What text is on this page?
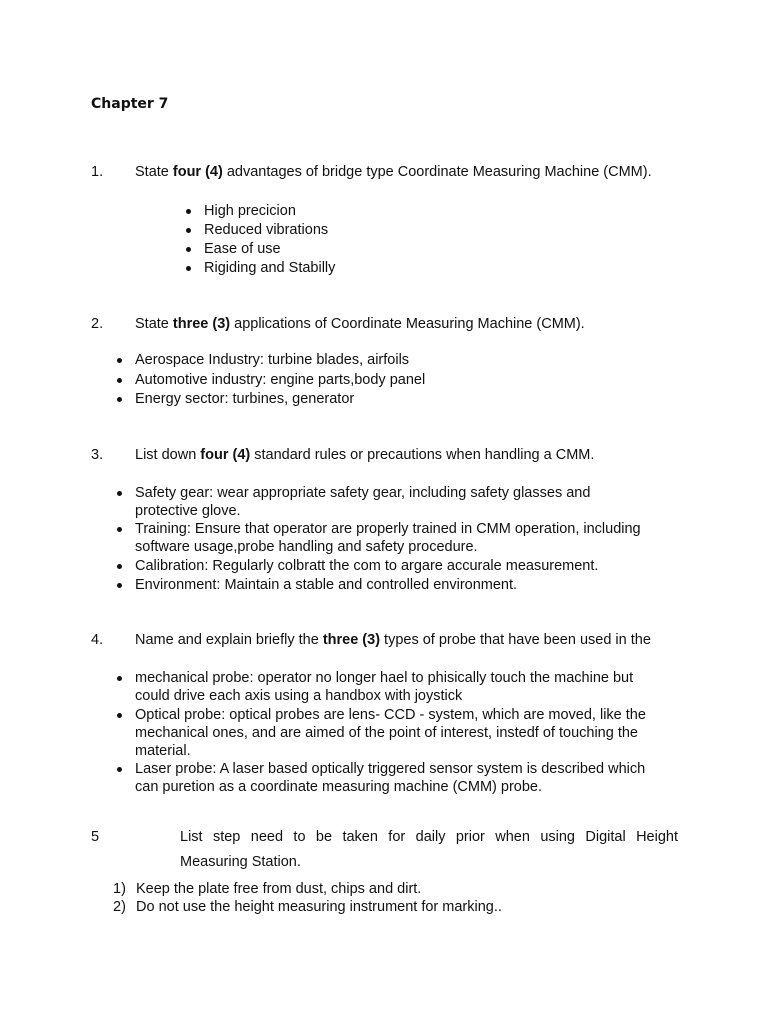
Chapter 7
1. State four (4) advantages of bridge type Coordinate Measuring Machine (CMM).
High precicion
Reduced vibrations
Ease of use
Rigiding and Stabilly
2. State three (3) applications of Coordinate Measuring Machine (CMM).
Aerospace Industry: turbine blades, airfoils
Automotive industry: engine parts,body panel
Energy sector: turbines, generator
3. List down four (4) standard rules or precautions when handling a CMM.
Safety gear: wear appropriate safety gear, including safety glasses and
protective glove.
Training: Ensure that operator are properly trained in CMM operation, including
software usage,probe handling and safety procedure.
Calibration: Regularly colbratt the com to argare accurale measurement.
Environment: Maintain a stable and controlled environment.
4. Name and explain briefly the three (3) types of probe that have been used in the
mechanical probe: operator no longer hael to phisically touch the machine but
could drive each axis using a handbox with joystick
Optical probe: optical probes are lens- CCD - system, which are moved, like the
mechanical ones, and are aimed of the point of interest, instedf of touching the
material.
Laser probe: A laser based optically triggered sensor system is described which
can puretion as a coordinate measuring machine (CMM) probe.
5	List step need to be taken for daily prior when using Digital Height
Measuring Station.
1) Keep the plate free from dust, chips and dirt.
2) Do not use the height measuring instrument for marking..
